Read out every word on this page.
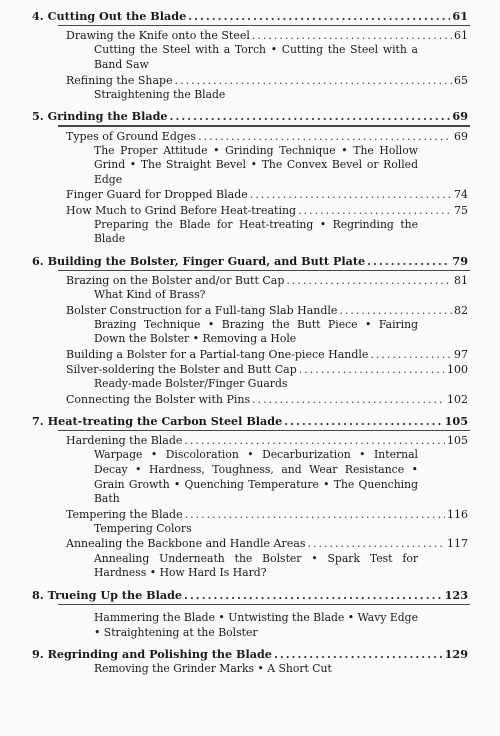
4. Cutting Out the Blade .....	61
Drawing the Knife onto the Steel .....	61
Cutting the Steel with a Torch • Cutting the Steel with a Band Saw
Refining the Shape .....	65
Straightening the Blade
5. Grinding the Blade .....	69
Types of Ground Edges .....	69
The Proper Attitude • Grinding Technique • The Hollow Grind • The Straight Bevel • The Convex Bevel or Rolled Edge
Finger Guard for Dropped Blade .....	74
How Much to Grind Before Heat-treating .....	75
Preparing the Blade for Heat-treating • Regrinding the Blade
6. Building the Bolster, Finger Guard, and Butt Plate .....	79
Brazing on the Bolster and/or Butt Cap .....	81
What Kind of Brass?
Bolster Construction for a Full-tang Slab Handle .....	82
Brazing Technique • Brazing the Butt Piece • Fairing Down the Bolster • Removing a Hole
Building a Bolster for a Partial-tang One-piece Handle .....	97
Silver-soldering the Bolster and Butt Cap .....	100
Ready-made Bolster/Finger Guards
Connecting the Bolster with Pins .....	102
7. Heat-treating the Carbon Steel Blade .....	105
Hardening the Blade .....	105
Warpage • Discoloration • Decarburization • Internal Decay • Hardness, Toughness, and Wear Resistance • Grain Growth • Quenching Temperature • The Quenching Bath
Tempering the Blade .....	116
Tempering Colors
Annealing the Backbone and Handle Areas .....	117
Annealing Underneath the Bolster • Spark Test for Hardness • How Hard Is Hard?
8. Trueing Up the Blade .....	123
Hammering the Blade • Untwisting the Blade • Wavy Edge • Straightening at the Bolster
9. Regrinding and Polishing the Blade .....	129
Removing the Grinder Marks • A Short Cut
